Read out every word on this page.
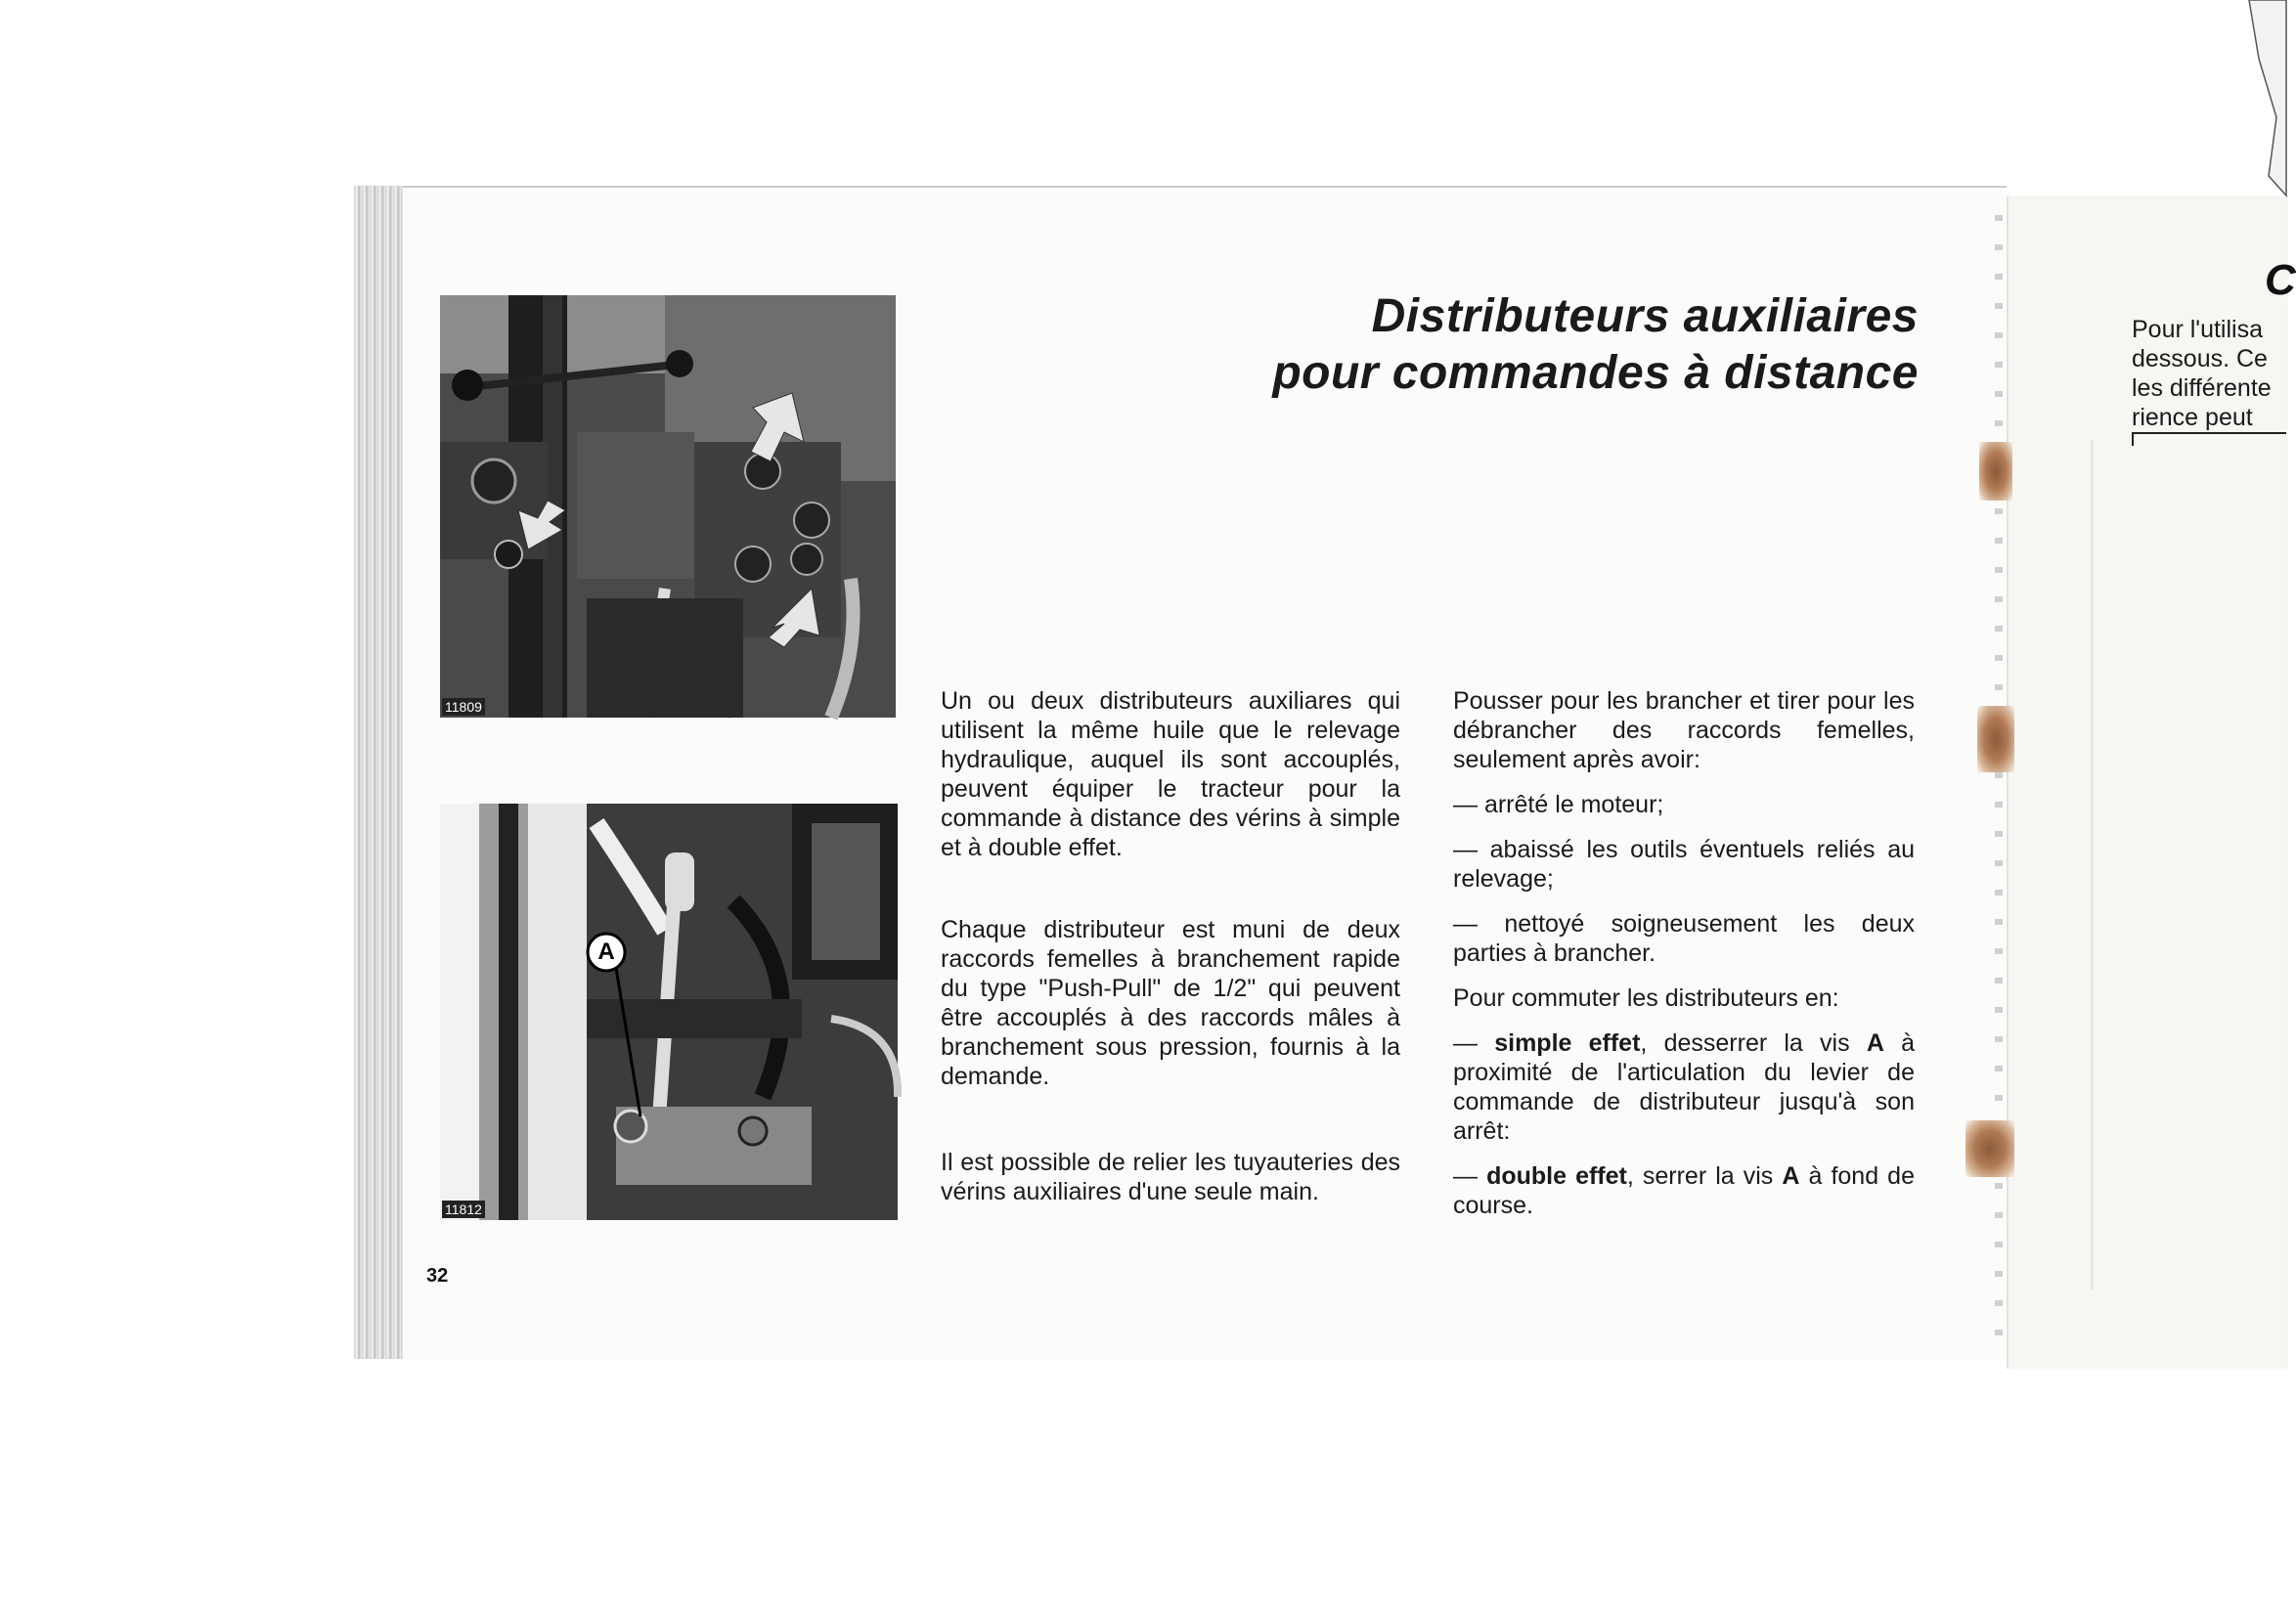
Distributeurs auxiliaires
pour commandes à distance
11809
A
11812

Un ou deux distributeurs auxiliares qui utilisent la même huile que le relevage hydraulique, auquel ils sont accouplés, peuvent équiper le tracteur pour la commande à distance des vérins à simple et à double effet.

Chaque distributeur est muni de deux raccords femelles à branchement rapide du type "Push-Pull" de 1/2" qui peuvent être accouplés à des raccords mâles à branchement sous pression, fournis à la demande.

Il est possible de relier les tuyauteries des vérins auxiliaires d'une seule main.

Pousser pour les brancher et tirer pour les débrancher des raccords femelles, seulement après avoir:

— arrêté le moteur;

— abaissé les outils éventuels reliés au relevage;

— nettoyé soigneusement les deux parties à brancher.

Pour commuter les distributeurs en:

— simple effet, desserrer la vis A à proximité de l'articulation du levier de commande de distributeur jusqu'à son arrêt:

— double effet, serrer la vis A à fond de course.

32
C
Pour l'utilisa
dessous. Ce
les différente
rience peut
